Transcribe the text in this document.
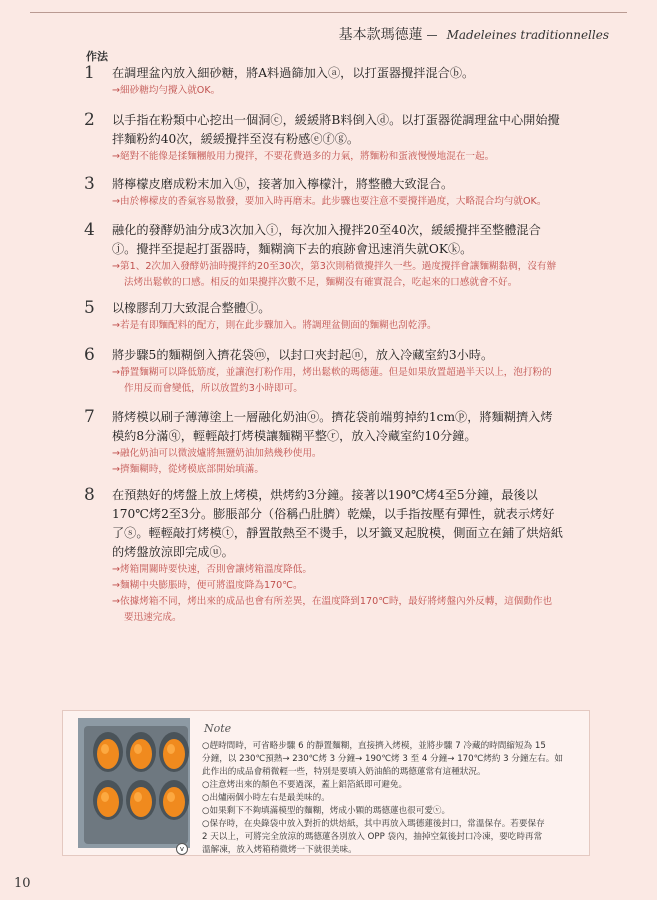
基本款瑪德蓮 Madeleines traditionnelles
作法
1 在調理盆內放入細砂糖，將A料過篩加入ⓐ，以打蛋器攪拌混合ⓑ。
→細砂糖均勻攪入就OK。
2 以手指在粉類中心挖出一個洞ⓒ，緩緩將B料倒入ⓓ。以打蛋器從調理盆中心開始攪拌麵粉約40次，緩緩攪拌至沒有粉感ⓔⓕⓖ。
→絕對不能像是揉麵糰般用力攪拌，不要花費過多的力氣，將麵粉和蛋液慢慢地混在一起。
3 將檸檬皮磨成粉末加入ⓗ，接著加入檸檬汁，將整體大致混合。
→由於檸檬皮的香氣容易散發，要加入時再磨末。此步驟也要注意不要攪拌過度，大略混合均勻就OK。
4 融化的發酵奶油分成3次加入ⓘ，每次加入攪拌20至40次，緩緩攪拌至整體混合ⓙ。攪拌至提起打蛋器時，麵糊滴下去的痕跡會迅速消失就OKⓚ。
→第1、2次加入發酵奶油時攪拌約20至30次，第3次則稍微攪拌久一些。過度攪拌會讓麵糊黏稠，沒有辦
法烤出鬆軟的口感。相反的如果攪拌次數不足，麵糊沒有確實混合，吃起來的口感就會不好。
5 以橡膠刮刀大致混合整體ⓛ。
→若是有即麵配料的配方，則在此步驟加入。將調理盆側面的麵糊也刮乾淨。
6 將步驟5的麵糊倒入擠花袋ⓜ，以封口夾封起ⓝ，放入冷藏室約3小時。
→靜置麵糊可以降低筋度，並讓泡打粉作用，烤出鬆軟的瑪德蓮。但是如果放置超過半天以上，泡打粉的
作用反而會變低，所以放置約3小時即可。
7 將烤模以刷子薄薄塗上一層融化奶油ⓞ。擠花袋前端剪掉約1cmⓟ，將麵糊擠入烤模約8分滿ⓠ，輕輕敲打烤模讓麵糊平整ⓡ，放入冷藏室約10分鐘。
→融化奶油可以微波爐將無鹽奶油加熱幾秒使用。
→擠麵糊時，從烤模底部開始填滿。
8 在預熱好的烤盤上放上烤模，烘烤約3分鐘。接著以190℃烤4至5分鐘，最後以170℃烤2至3分。膨脹部分（俗稱凸肚臍）乾燥，以手指按壓有彈性，就表示烤好了ⓢ。輕輕敲打烤模ⓣ，靜置散熱至不燙手，以牙籤叉起脫模，側面立在鋪了烘焙紙的烤盤放涼即完成ⓤ。
→烤箱開關時要快速，否則會讓烤箱溫度降低。
→麵糊中央膨脹時，便可將溫度降為170℃。
→依據烤箱不同，烤出來的成品也會有所差異，在溫度降到170℃時，最好將烤盤內外反轉，這個動作也
要迅速完成。
v
Note
○趕時間時，可省略步驟 6 的靜置麵糊，直接擠入烤模，並將步驟 7 冷藏的時間縮短為 15
分鐘，以 230℃預熱→ 230℃烤 3 分鐘→ 190℃烤 3 至 4 分鐘→ 170℃烤約 3 分鐘左右。如
此作出的成品會稍微輕一些，特別是要填入奶油餡的瑪德蓮常有這種狀況。
○注意烤出來的顏色不要過深，蓋上鋁箔紙即可避免。
○出爐兩個小時左右是最美味的。
○如果剩下不夠填滿模型的麵糊，烤成小顆的瑪德蓮也很可愛ⓥ。
○保存時，在央錄袋中放入對折的烘焙紙，其中再放入瑪德蓮後封口，常溫保存。若要保存
2 天以上，可將完全放涼的瑪德蓮各別放入 OPP 袋內，抽掉空氣後封口冷凍，要吃時再常
溫解凍，放入烤箱稍微烤一下就很美味。
10
